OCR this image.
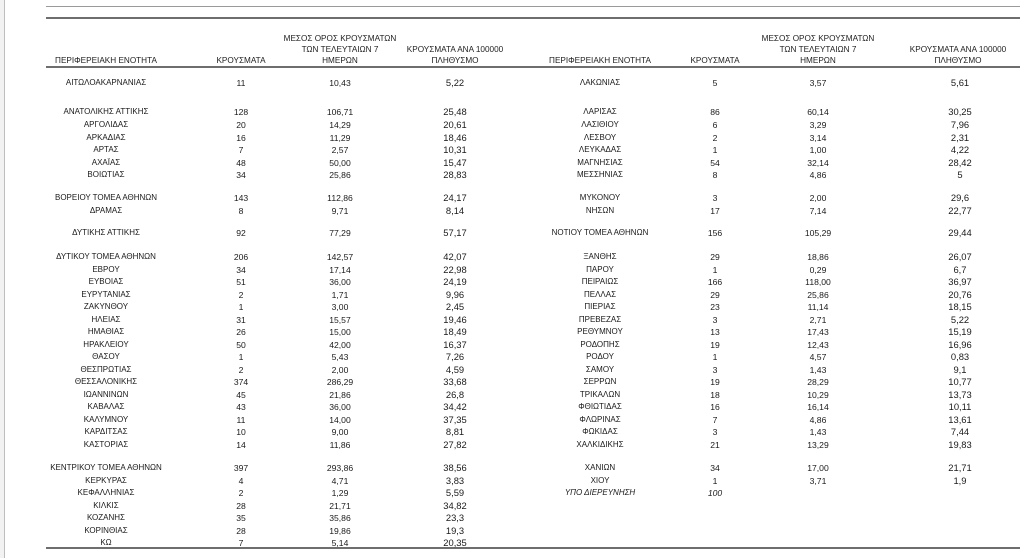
ΠΕΡΙΦΕΡΕΙΑΚΗ ΕΝΟΤΗΤΑ	ΚΡΟΥΣΜΑΤΑ
ΜΕΣΟΣ ΟΡΟΣ ΚΡΟΥΣΜΑΤΩΝ
ΤΩΝ ΤΕΛΕΥΤΑΙΩΝ 7
ΗΜΕΡΩΝ
ΚΡΟΥΣΜΑΤΑ ΑΝΑ 100000
ΠΛΗΘΥΣΜΟ	ΠΕΡΙΦΕΡΕΙΑΚΗ ΕΝΟΤΗΤΑ	ΚΡΟΥΣΜΑΤΑ
ΜΕΣΟΣ ΟΡΟΣ ΚΡΟΥΣΜΑΤΩΝ
ΤΩΝ ΤΕΛΕΥΤΑΙΩΝ 7
ΗΜΕΡΩΝ
ΚΡΟΥΣΜΑΤΑ ΑΝΑ 100000
ΠΛΗΘΥΣΜΟ
ΑΙΤΩΛΟΑΚΑΡΝΑΝΙΑΣ	11	10,43	5,22
ΑΝΑΤΟΛΙΚΗΣ ΑΤΤΙΚΗΣ	128	106,71	25,48
ΑΡΓΟΛΙΔΑΣ	20	14,29	20,61
ΑΡΚΑΔΙΑΣ	16	11,29	18,46
ΑΡΤΑΣ	7	2,57	10,31
ΑΧΑΪΑΣ	48	50,00	15,47
ΒΟΙΩΤΙΑΣ	34	25,86	28,83
ΒΟΡΕΙΟΥ ΤΟΜΕΑ ΑΘΗΝΩΝ	143	112,86	24,17
ΔΡΑΜΑΣ	8	9,71	8,14
ΔΥΤΙΚΗΣ ΑΤΤΙΚΗΣ	92	77,29	57,17
ΔΥΤΙΚΟΥ ΤΟΜΕΑ ΑΘΗΝΩΝ	206	142,57	42,07
ΕΒΡΟΥ	34	17,14	22,98
ΕΥΒΟΙΑΣ	51	36,00	24,19
ΕΥΡΥΤΑΝΙΑΣ	2	1,71	9,96
ΖΑΚΥΝΘΟΥ	1	3,00	2,45
ΗΛΕΙΑΣ	31	15,57	19,46
ΗΜΑΘΙΑΣ	26	15,00	18,49
ΗΡΑΚΛΕΙΟΥ	50	42,00	16,37
ΘΑΣΟΥ	1	5,43	7,26
ΘΕΣΠΡΩΤΙΑΣ	2	2,00	4,59
ΘΕΣΣΑΛΟΝΙΚΗΣ	374	286,29	33,68
ΙΩΑΝΝΙΝΩΝ	45	21,86	26,8
ΚΑΒΑΛΑΣ	43	36,00	34,42
ΚΑΛΥΜΝΟΥ	11	14,00	37,35
ΚΑΡΔΙΤΣΑΣ	10	9,00	8,81
ΚΑΣΤΟΡΙΑΣ	14	11,86	27,82
ΚΕΝΤΡΙΚΟΥ ΤΟΜΕΑ ΑΘΗΝΩΝ	397	293,86	38,56
ΚΕΡΚΥΡΑΣ	4	4,71	3,83
ΚΕΦΑΛΛΗΝΙΑΣ	2	1,29	5,59
ΚΙΛΚΙΣ	28	21,71	34,82
ΚΟΖΑΝΗΣ	35	35,86	23,3
ΚΟΡΙΝΘΙΑΣ	28	19,86	19,3
ΚΩ	7	5,14	20,35
ΛΑΚΩΝΙΑΣ	5	3,57	5,61
ΛΑΡΙΣΑΣ	86	60,14	30,25
ΛΑΣΙΘΙΟΥ	6	3,29	7,96
ΛΕΣΒΟΥ	2	3,14	2,31
ΛΕΥΚΑΔΑΣ	1	1,00	4,22
ΜΑΓΝΗΣΙΑΣ	54	32,14	28,42
ΜΕΣΣΗΝΙΑΣ	8	4,86	5
ΜΥΚΟΝΟΥ	3	2,00	29,6
ΝΗΣΩΝ	17	7,14	22,77
ΝΟΤΙΟΥ ΤΟΜΕΑ ΑΘΗΝΩΝ	156	105,29	29,44
ΞΑΝΘΗΣ	29	18,86	26,07
ΠΑΡΟΥ	1	0,29	6,7
ΠΕΙΡΑΙΩΣ	166	118,00	36,97
ΠΕΛΛΑΣ	29	25,86	20,76
ΠΙΕΡΙΑΣ	23	11,14	18,15
ΠΡΕΒΕΖΑΣ	3	2,71	5,22
ΡΕΘΥΜΝΟΥ	13	17,43	15,19
ΡΟΔΟΠΗΣ	19	12,43	16,96
ΡΟΔΟΥ	1	4,57	0,83
ΣΑΜΟΥ	3	1,43	9,1
ΣΕΡΡΩΝ	19	28,29	10,77
ΤΡΙΚΑΛΩΝ	18	10,29	13,73
ΦΘΙΩΤΙΔΑΣ	16	16,14	10,11
ΦΛΩΡΙΝΑΣ	7	4,86	13,61
ΦΩΚΙΔΑΣ	3	1,43	7,44
ΧΑΛΚΙΔΙΚΗΣ	21	13,29	19,83
ΧΑΝΙΩΝ	34	17,00	21,71
ΧΙΟΥ	1	3,71	1,9
ΥΠΟ ΔΙΕΡΕΥΝΗΣΗ	100
